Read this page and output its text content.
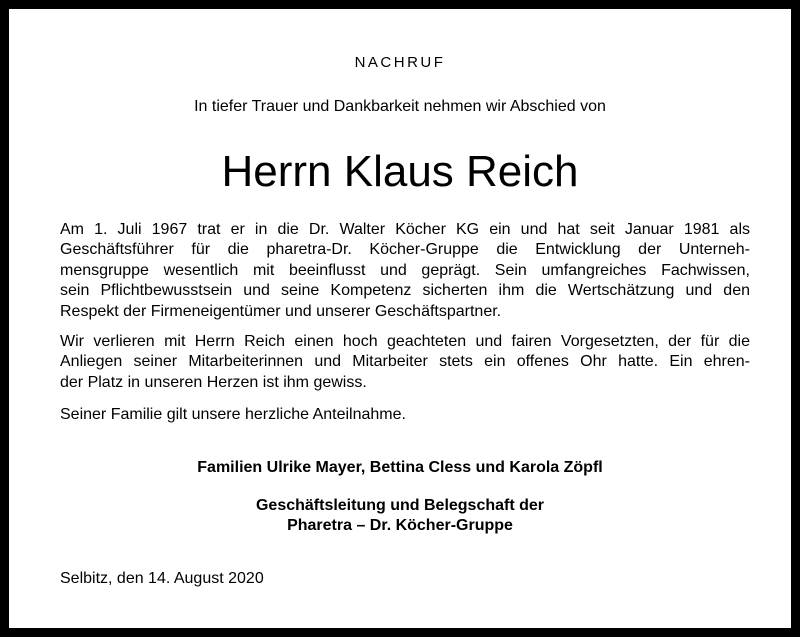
NACHRUF
In tiefer Trauer und Dankbarkeit nehmen wir Abschied von
Herrn Klaus Reich

Am 1. Juli 1967 trat er in die Dr. Walter Köcher KG ein und hat seit Januar 1981 als
Geschäftsführer für die pharetra-Dr. Köcher-Gruppe die Entwicklung der Unterneh-
mensgruppe wesentlich mit beeinflusst und geprägt. Sein umfangreiches Fachwissen,
sein Pflichtbewusstsein und seine Kompetenz sicherten ihm die Wertschätzung und den
Respekt der Firmeneigentümer und unserer Geschäftspartner.

Wir verlieren mit Herrn Reich einen hoch geachteten und fairen Vorgesetzten, der für die
Anliegen seiner Mitarbeiterinnen und Mitarbeiter stets ein offenes Ohr hatte. Ein ehren-
der Platz in unseren Herzen ist ihm gewiss.

Seiner Familie gilt unsere herzliche Anteilnahme.

Familien Ulrike Mayer, Bettina Cless und Karola Zöpfl
Geschäftsleitung und Belegschaft der
Pharetra – Dr. Köcher-Gruppe
Selbitz, den 14. August 2020
